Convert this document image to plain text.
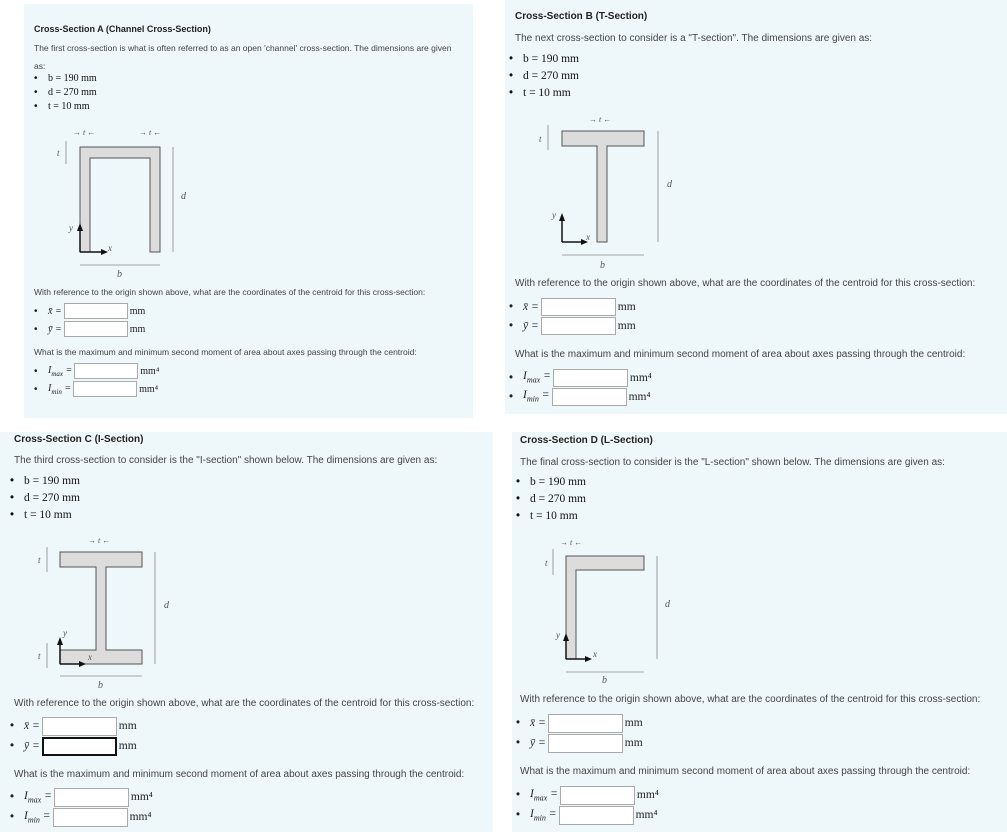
Cross-Section A (Channel Cross-Section)
The first cross-section is what is often referred to as an open 'channel' cross-section. The dimensions are given as:
• b = 190 mm
• d = 270 mm
• t = 10 mm
→ t ←	→ t ←
t
d
b
y
x
With reference to the origin shown above, what are the coordinates of the centroid for this cross-section:
• x̄ =	mm
• ȳ =	mm
What is the maximum and minimum second moment of area about axes passing through the centroid:
• $I_{max}$ =	mm⁴
• $I_{min}$ =	mm⁴
Cross-Section B (T-Section)
The next cross-section to consider is a "T-section". The dimensions are given as:
• b = 190 mm
• d = 270 mm
• t = 10 mm
→ t ←
t
d
b
y
x
With reference to the origin shown above, what are the coordinates of the centroid for this cross-section:
• x̄ =	mm
• ȳ =	mm
What is the maximum and minimum second moment of area about axes passing through the centroid:
• $I_{max}$ =	mm⁴
• $I_{min}$ =	mm⁴
Cross-Section C (I-Section)
The third cross-section to consider is the "I-section" shown below. The dimensions are given as:
• b = 190 mm
• d = 270 mm
• t = 10 mm
→ t ←
t
t
d
b
y
x
With reference to the origin shown above, what are the coordinates of the centroid for this cross-section:
• x̄ =	mm
• ȳ =	mm
What is the maximum and minimum second moment of area about axes passing through the centroid:
• $I_{max}$ =	mm⁴
• $I_{min}$ =	mm⁴
Cross-Section D (L-Section)
The final cross-section to consider is the "L-section" shown below. The dimensions are given as:
• b = 190 mm
• d = 270 mm
• t = 10 mm
→ t ←
t
d
b
y
x
With reference to the origin shown above, what are the coordinates of the centroid for this cross-section:
• x̄ =	mm
• ȳ =	mm
What is the maximum and minimum second moment of area about axes passing through the centroid:
• $I_{max}$ =	mm⁴
• $I_{min}$ =	mm⁴
